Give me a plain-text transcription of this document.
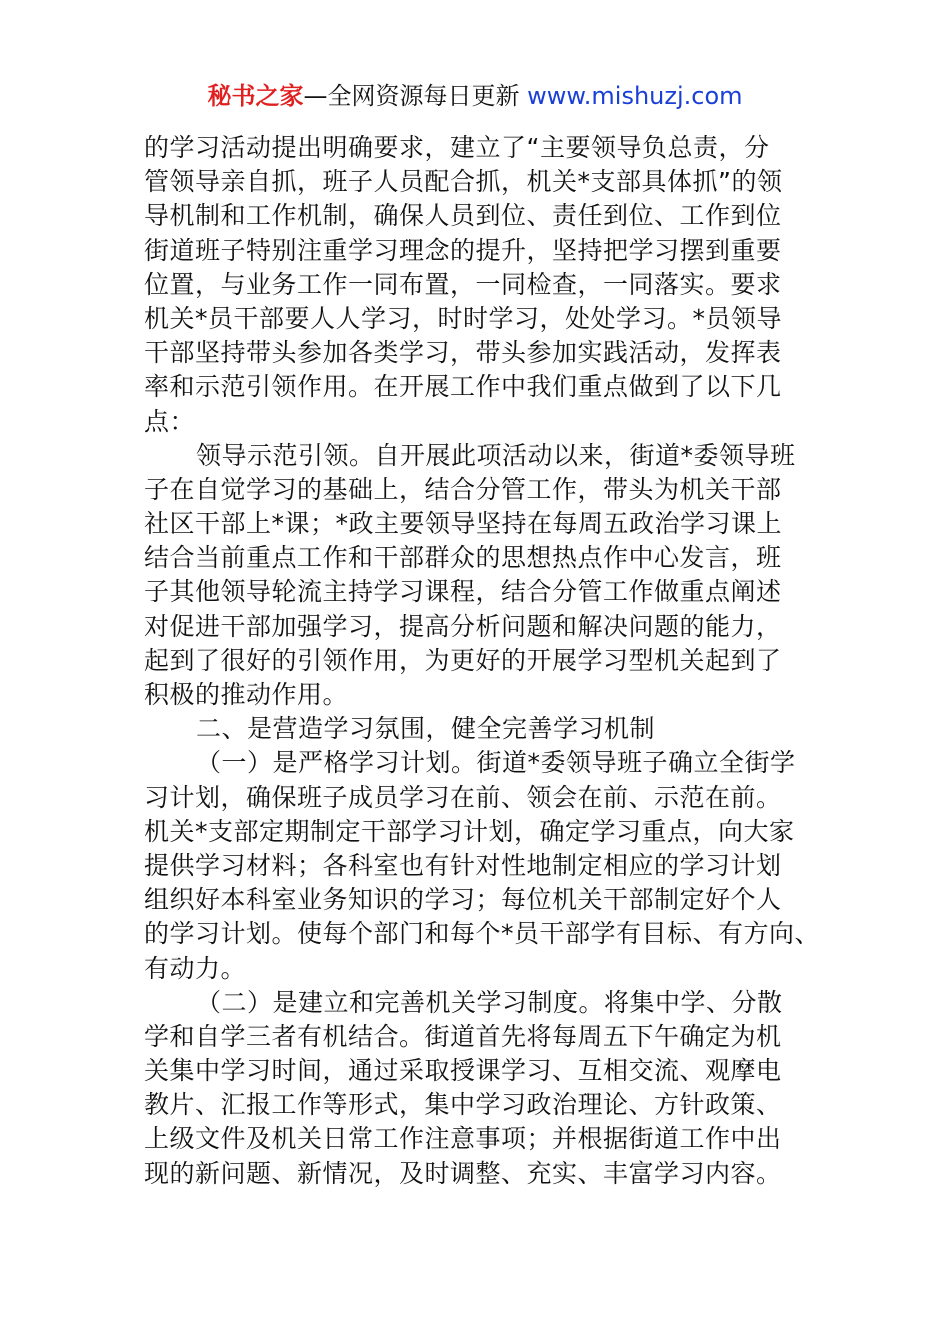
秘书之家—全网资源每日更新 www.mishuzj.com
的学习活动提出明确要求，建立了“主要领导负总责，分
管领导亲自抓，班子人员配合抓，机关*支部具体抓”的领
导机制和工作机制，确保人员到位、责任到位、工作到位
街道班子特别注重学习理念的提升，坚持把学习摆到重要
位置，与业务工作一同布置，一同检查，一同落实。要求
机关*员干部要人人学习，时时学习，处处学习。*员领导
干部坚持带头参加各类学习，带头参加实践活动，发挥表
率和示范引领作用。在开展工作中我们重点做到了以下几
点：
领导示范引领。自开展此项活动以来，街道*委领导班
子在自觉学习的基础上，结合分管工作，带头为机关干部
社区干部上*课；*政主要领导坚持在每周五政治学习课上
结合当前重点工作和干部群众的思想热点作中心发言，班
子其他领导轮流主持学习课程，结合分管工作做重点阐述
对促进干部加强学习，提高分析问题和解决问题的能力，
起到了很好的引领作用，为更好的开展学习型机关起到了
积极的推动作用。
二、是营造学习氛围，健全完善学习机制
（一）是严格学习计划。街道*委领导班子确立全街学
习计划，确保班子成员学习在前、领会在前、示范在前。
机关*支部定期制定干部学习计划，确定学习重点，向大家
提供学习材料；各科室也有针对性地制定相应的学习计划
组织好本科室业务知识的学习；每位机关干部制定好个人
的学习计划。使每个部门和每个*员干部学有目标、有方向、
有动力。
（二）是建立和完善机关学习制度。将集中学、分散
学和自学三者有机结合。街道首先将每周五下午确定为机
关集中学习时间，通过采取授课学习、互相交流、观摩电
教片、汇报工作等形式，集中学习政治理论、方针政策、
上级文件及机关日常工作注意事项；并根据街道工作中出
现的新问题、新情况，及时调整、充实、丰富学习内容。
